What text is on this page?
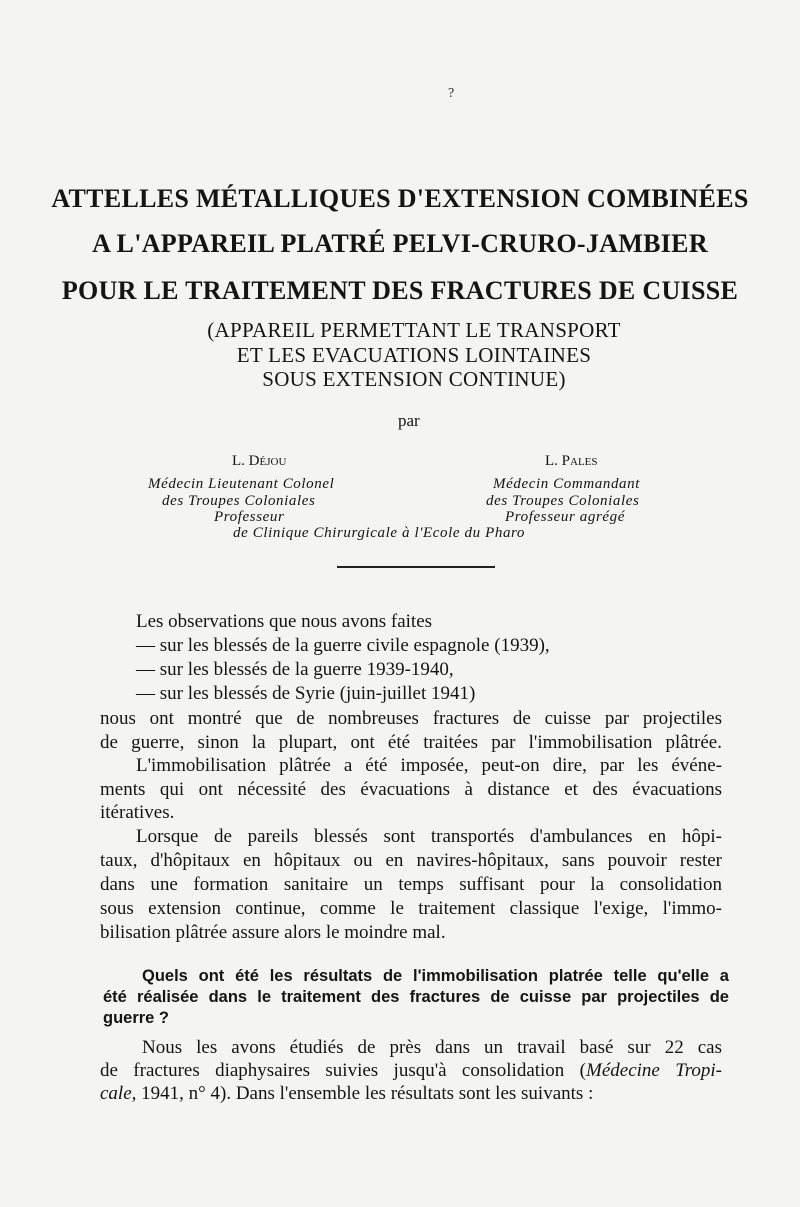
?
ATTELLES MÉTALLIQUES D'EXTENSION COMBINÉES
A L'APPAREIL PLATRÉ PELVI-CRURO-JAMBIER
POUR LE TRAITEMENT DES FRACTURES DE CUISSE
(APPAREIL PERMETTANT LE TRANSPORT
ET LES EVACUATIONS LOINTAINES
SOUS EXTENSION CONTINUE)
par
L. Déjou	L. Pales
Médecin Lieutenant Colonel
des Troupes Coloniales
Professeur
Médecin Commandant
des Troupes Coloniales
Professeur agrégé
de Clinique Chirurgicale à l'Ecole du Pharo
Les observations que nous avons faites
— sur les blessés de la guerre civile espagnole (1939),
— sur les blessés de la guerre 1939-1940,
— sur les blessés de Syrie (juin-juillet 1941)
nous ont montré que de nombreuses fractures de cuisse par projectiles
de guerre, sinon la plupart, ont été traitées par l'immobilisation plâtrée.
L'immobilisation plâtrée a été imposée, peut-on dire, par les événe-
ments qui ont nécessité des évacuations à distance et des évacuations
itératives.
Lorsque de pareils blessés sont transportés d'ambulances en hôpi-
taux, d'hôpitaux en hôpitaux ou en navires-hôpitaux, sans pouvoir rester
dans une formation sanitaire un temps suffisant pour la consolidation
sous extension continue, comme le traitement classique l'exige, l'immo-
bilisation plâtrée assure alors le moindre mal.
Quels ont été les résultats de l'immobilisation platrée telle qu'elle a
été réalisée dans le traitement des fractures de cuisse par projectiles de
guerre ?
Nous les avons étudiés de près dans un travail basé sur 22 cas
de fractures diaphysaires suivies jusqu'à consolidation (Médecine Tropi-
cale, 1941, n° 4). Dans l'ensemble les résultats sont les suivants :
